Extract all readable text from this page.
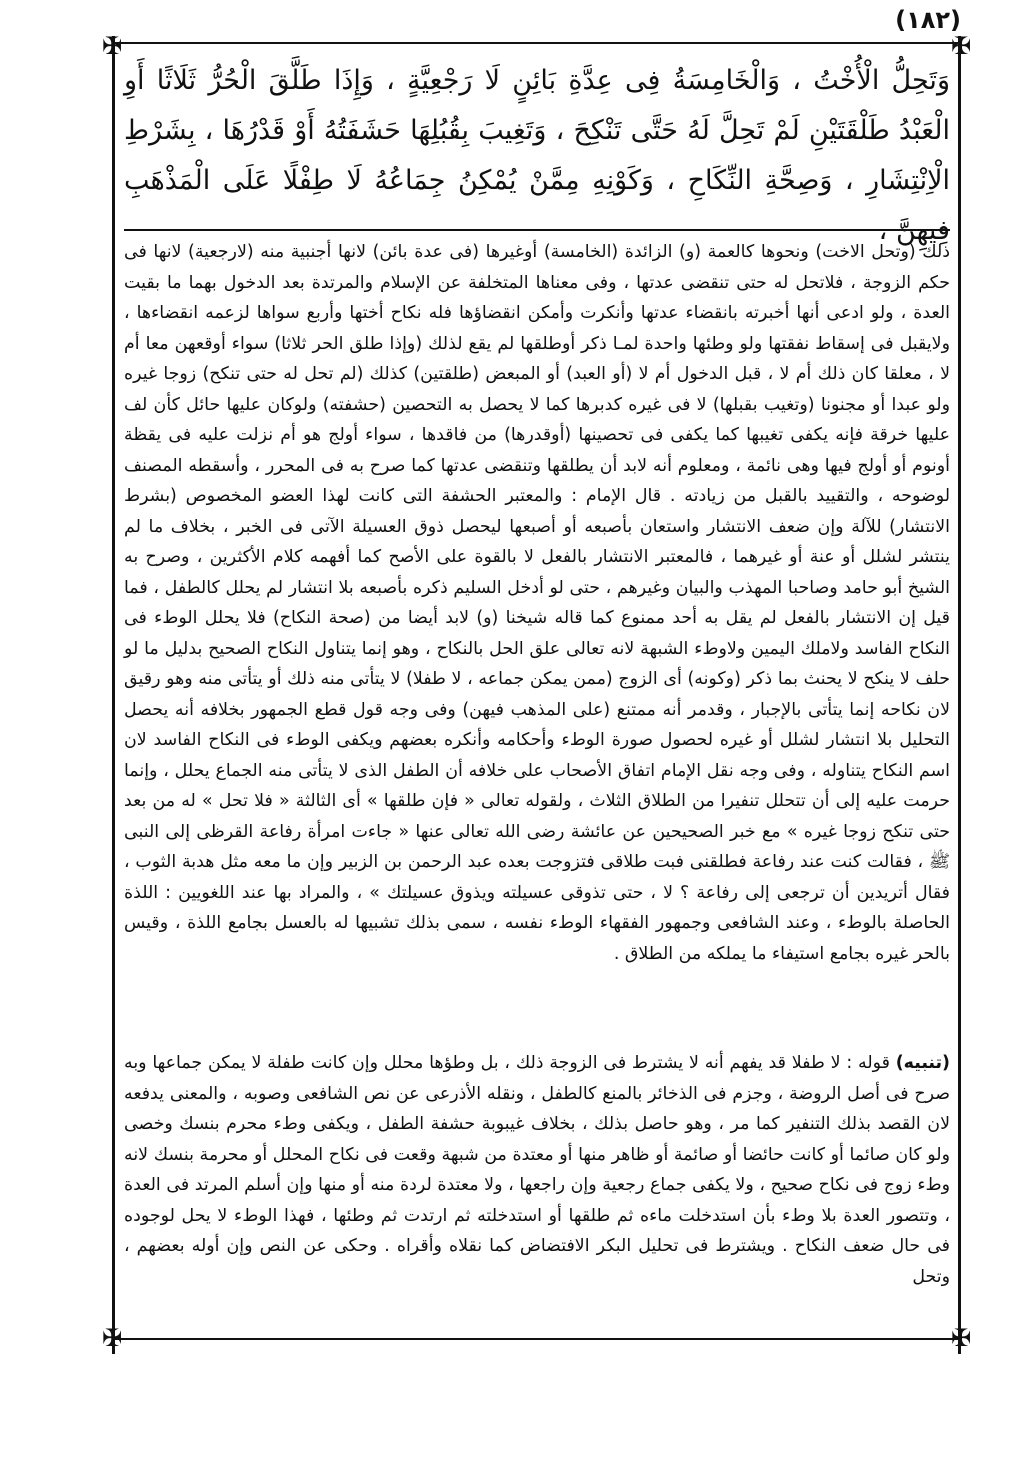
(١٨٢)
✠	✠
✠	✠

وَتَحِلُّ الْأُخْتُ ، وَالْخَامِسَةُ فِى عِدَّةِ بَائِنٍ لَا رَجْعِيَّةٍ ، وَإِذَا طَلَّقَ الْحُرُّ ثَلَاثًا أَوِ الْعَبْدُ طَلْقَتَيْنِ لَمْ تَحِلَّ لَهُ حَتَّى تَنْكِحَ ، وَتَغِيبَ بِقُبُلِهَا حَشَفَتُهُ أَوْ قَدْرُهَا ، بِشَرْطِ الْاِنْتِشَارِ ، وَصِحَّةِ النِّكَاحِ ، وَكَوْنِهِ مِمَّنْ يُمْكِنُ جِمَاعُهُ لَا طِفْلًا عَلَى الْمَذْهَبِ فِيهِنَّ ،

ذلك (وتحل الاخت) ونحوها كالعمة (و) الزائدة (الخامسة) أوغيرها (فى عدة بائن) لانها أجنبية منه (لارجعية) لانها فى حكم الزوجة ، فلاتحل له حتى تنقضى عدتها ، وفى معناها المتخلفة عن الإسلام والمرتدة بعد الدخول بهما ما بقيت العدة ، ولو ادعى أنها أخبرته بانقضاء عدتها وأنكرت وأمكن انقضاؤها فله نكاح أختها وأربع سواها لزعمه انقضاءها ، ولايقبل فى إسقاط نفقتها ولو وطئها واحدة لمـا ذكر أوطلقها لم يقع لذلك (وإذا طلق الحر ثلاثا) سواء أوقعهن معا أم لا ، معلقا كان ذلك أم لا ، قبل الدخول أم لا (أو العبد) أو المبعض (طلقتين) كذلك (لم تحل له حتى تنكح) زوجا غيره ولو عبدا أو مجنونا (وتغيب بقبلها) لا فى غيره كدبرها كما لا يحصل به التحصين (حشفته) ولوكان عليها حائل كأن لف عليها خرقة فإنه يكفى تغيبها كما يكفى فى تحصينها (أوقدرها) من فاقدها ، سواء أولج هو أم نزلت عليه فى يقظة أونوم أو أولج فيها وهى نائمة ، ومعلوم أنه لابد أن يطلقها وتنقضى عدتها كما صرح به فى المحرر ، وأسقطه المصنف لوضوحه ، والتقييد بالقبل من زيادته . قال الإمام : والمعتبر الحشفة التى كانت لهذا العضو المخصوص (بشرط الانتشار) للآلة وإن ضعف الانتشار واستعان بأصبعه أو أصبعها ليحصل ذوق العسيلة الآتى فى الخبر ، بخلاف ما لم ينتشر لشلل أو عنة أو غيرهما ، فالمعتبر الانتشار بالفعل لا بالقوة على الأصح كما أفهمه كلام الأكثرين ، وصرح به الشيخ أبو حامد وصاحبا المهذب والبيان وغيرهم ، حتى لو أدخل السليم ذكره بأصبعه بلا انتشار لم يحلل كالطفل ، فما قيل إن الانتشار بالفعل لم يقل به أحد ممنوع كما قاله شيخنا (و) لابد أيضا من (صحة النكاح) فلا يحلل الوطء فى النكاح الفاسد ولاملك اليمين ولاوطء الشبهة لانه تعالى علق الحل بالنكاح ، وهو إنما يتناول النكاح الصحيح بدليل ما لو حلف لا ينكح لا يحنث بما ذكر (وكونه) أى الزوج (ممن يمكن جماعه ، لا طفلا) لا يتأتى منه ذلك أو يتأتى منه وهو رقيق لان نكاحه إنما يتأتى بالإجبار ، وقدمر أنه ممتنع (على المذهب فيهن) وفى وجه قول قطع الجمهور بخلافه أنه يحصل التحليل بلا انتشار لشلل أو غيره لحصول صورة الوطء وأحكامه وأنكره بعضهم ويكفى الوطء فى النكاح الفاسد لان اسم النكاح يتناوله ، وفى وجه نقل الإمام اتفاق الأصحاب على خلافه أن الطفل الذى لا يتأتى منه الجماع يحلل ، وإنما حرمت عليه إلى أن تتحلل تنفيرا من الطلاق الثلاث ، ولقوله تعالى « فإن طلقها » أى الثالثة « فلا تحل » له من بعد حتى تنكح زوجا غيره » مع خبر الصحيحين عن عائشة رضى الله تعالى عنها « جاءت امرأة رفاعة القرظى إلى النبى ﷺ ، فقالت كنت عند رفاعة فطلقنى فبت طلاقى فتزوجت بعده عبد الرحمن بن الزبير وإن ما معه مثل هدبة الثوب ، فقال أتريدين أن ترجعى إلى رفاعة ؟ لا ، حتى تذوقى عسيلته ويذوق عسيلتك » ، والمراد بها عند اللغويين : اللذة الحاصلة بالوطء ، وعند الشافعى وجمهور الفقهاء الوطء نفسه ، سمى بذلك تشبيها له بالعسل بجامع اللذة ، وقيس بالحر غيره بجامع استيفاء ما يملكه من الطلاق .

(تنبيه) قوله : لا طفلا قد يفهم أنه لا يشترط فى الزوجة ذلك ، بل وطؤها محلل وإن كانت طفلة لا يمكن جماعها وبه صرح فى أصل الروضة ، وجزم فى الذخائر بالمنع كالطفل ، ونقله الأذرعى عن نص الشافعى وصوبه ، والمعنى يدفعه لان القصد بذلك التنفير كما مر ، وهو حاصل بذلك ، بخلاف غيبوبة حشفة الطفل ، ويكفى وطء محرم بنسك وخصى ولو كان صائما أو كانت حائضا أو صائمة أو ظاهر منها أو معتدة من شبهة وقعت فى نكاح المحلل أو محرمة بنسك لانه وطء زوج فى نكاح صحيح ، ولا يكفى جماع رجعية وإن راجعها ، ولا معتدة لردة منه أو منها وإن أسلم المرتد فى العدة ، وتتصور العدة بلا وطء بأن استدخلت ماءه ثم طلقها أو استدخلته ثم ارتدت ثم وطئها ، فهذا الوطء لا يحل لوجوده فى حال ضعف النكاح . ويشترط فى تحليل البكر الافتضاض كما نقلاه وأقراه . وحكى عن النص وإن أوله بعضهم ، وتحل
